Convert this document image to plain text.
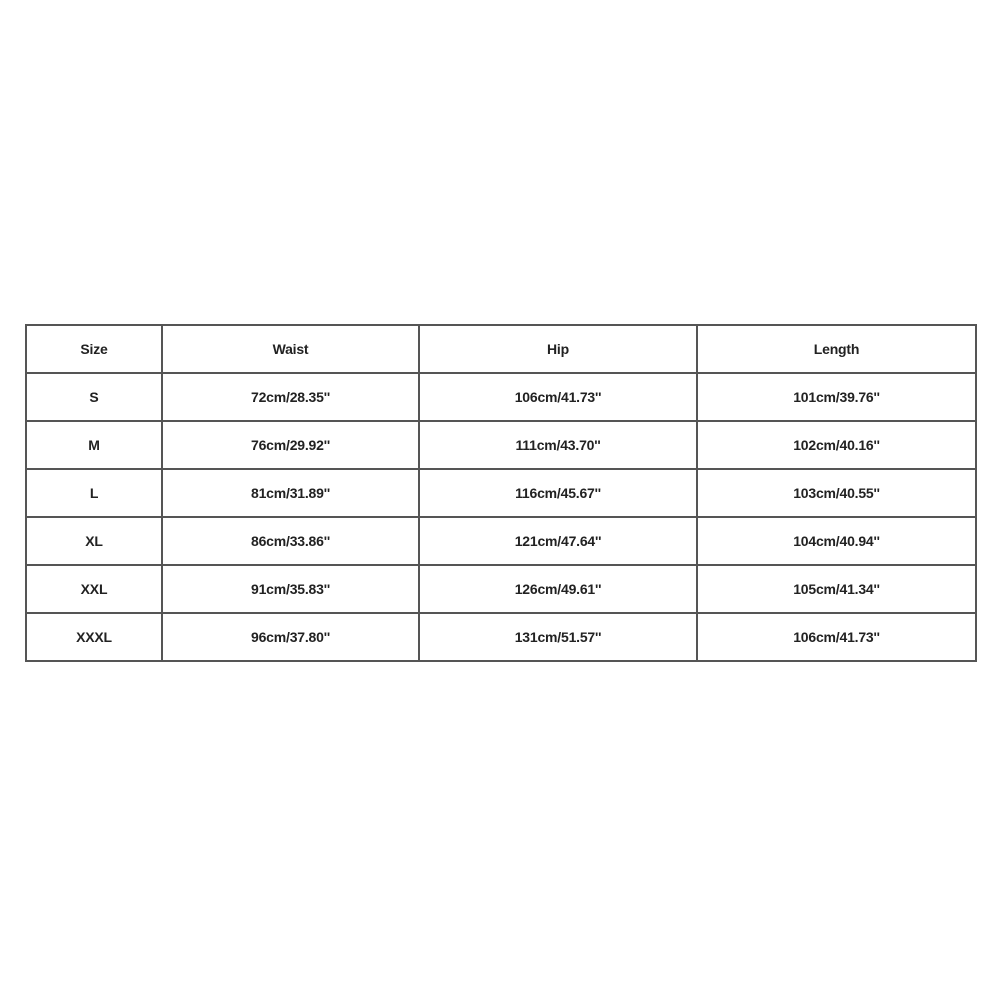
Size	Waist	Hip	Length
S	72cm/28.35''	106cm/41.73''	101cm/39.76''
M	76cm/29.92''	111cm/43.70''	102cm/40.16''
L	81cm/31.89''	116cm/45.67''	103cm/40.55''
XL	86cm/33.86''	121cm/47.64''	104cm/40.94''
XXL	91cm/35.83''	126cm/49.61''	105cm/41.34''
XXXL	96cm/37.80''	131cm/51.57''	106cm/41.73''
